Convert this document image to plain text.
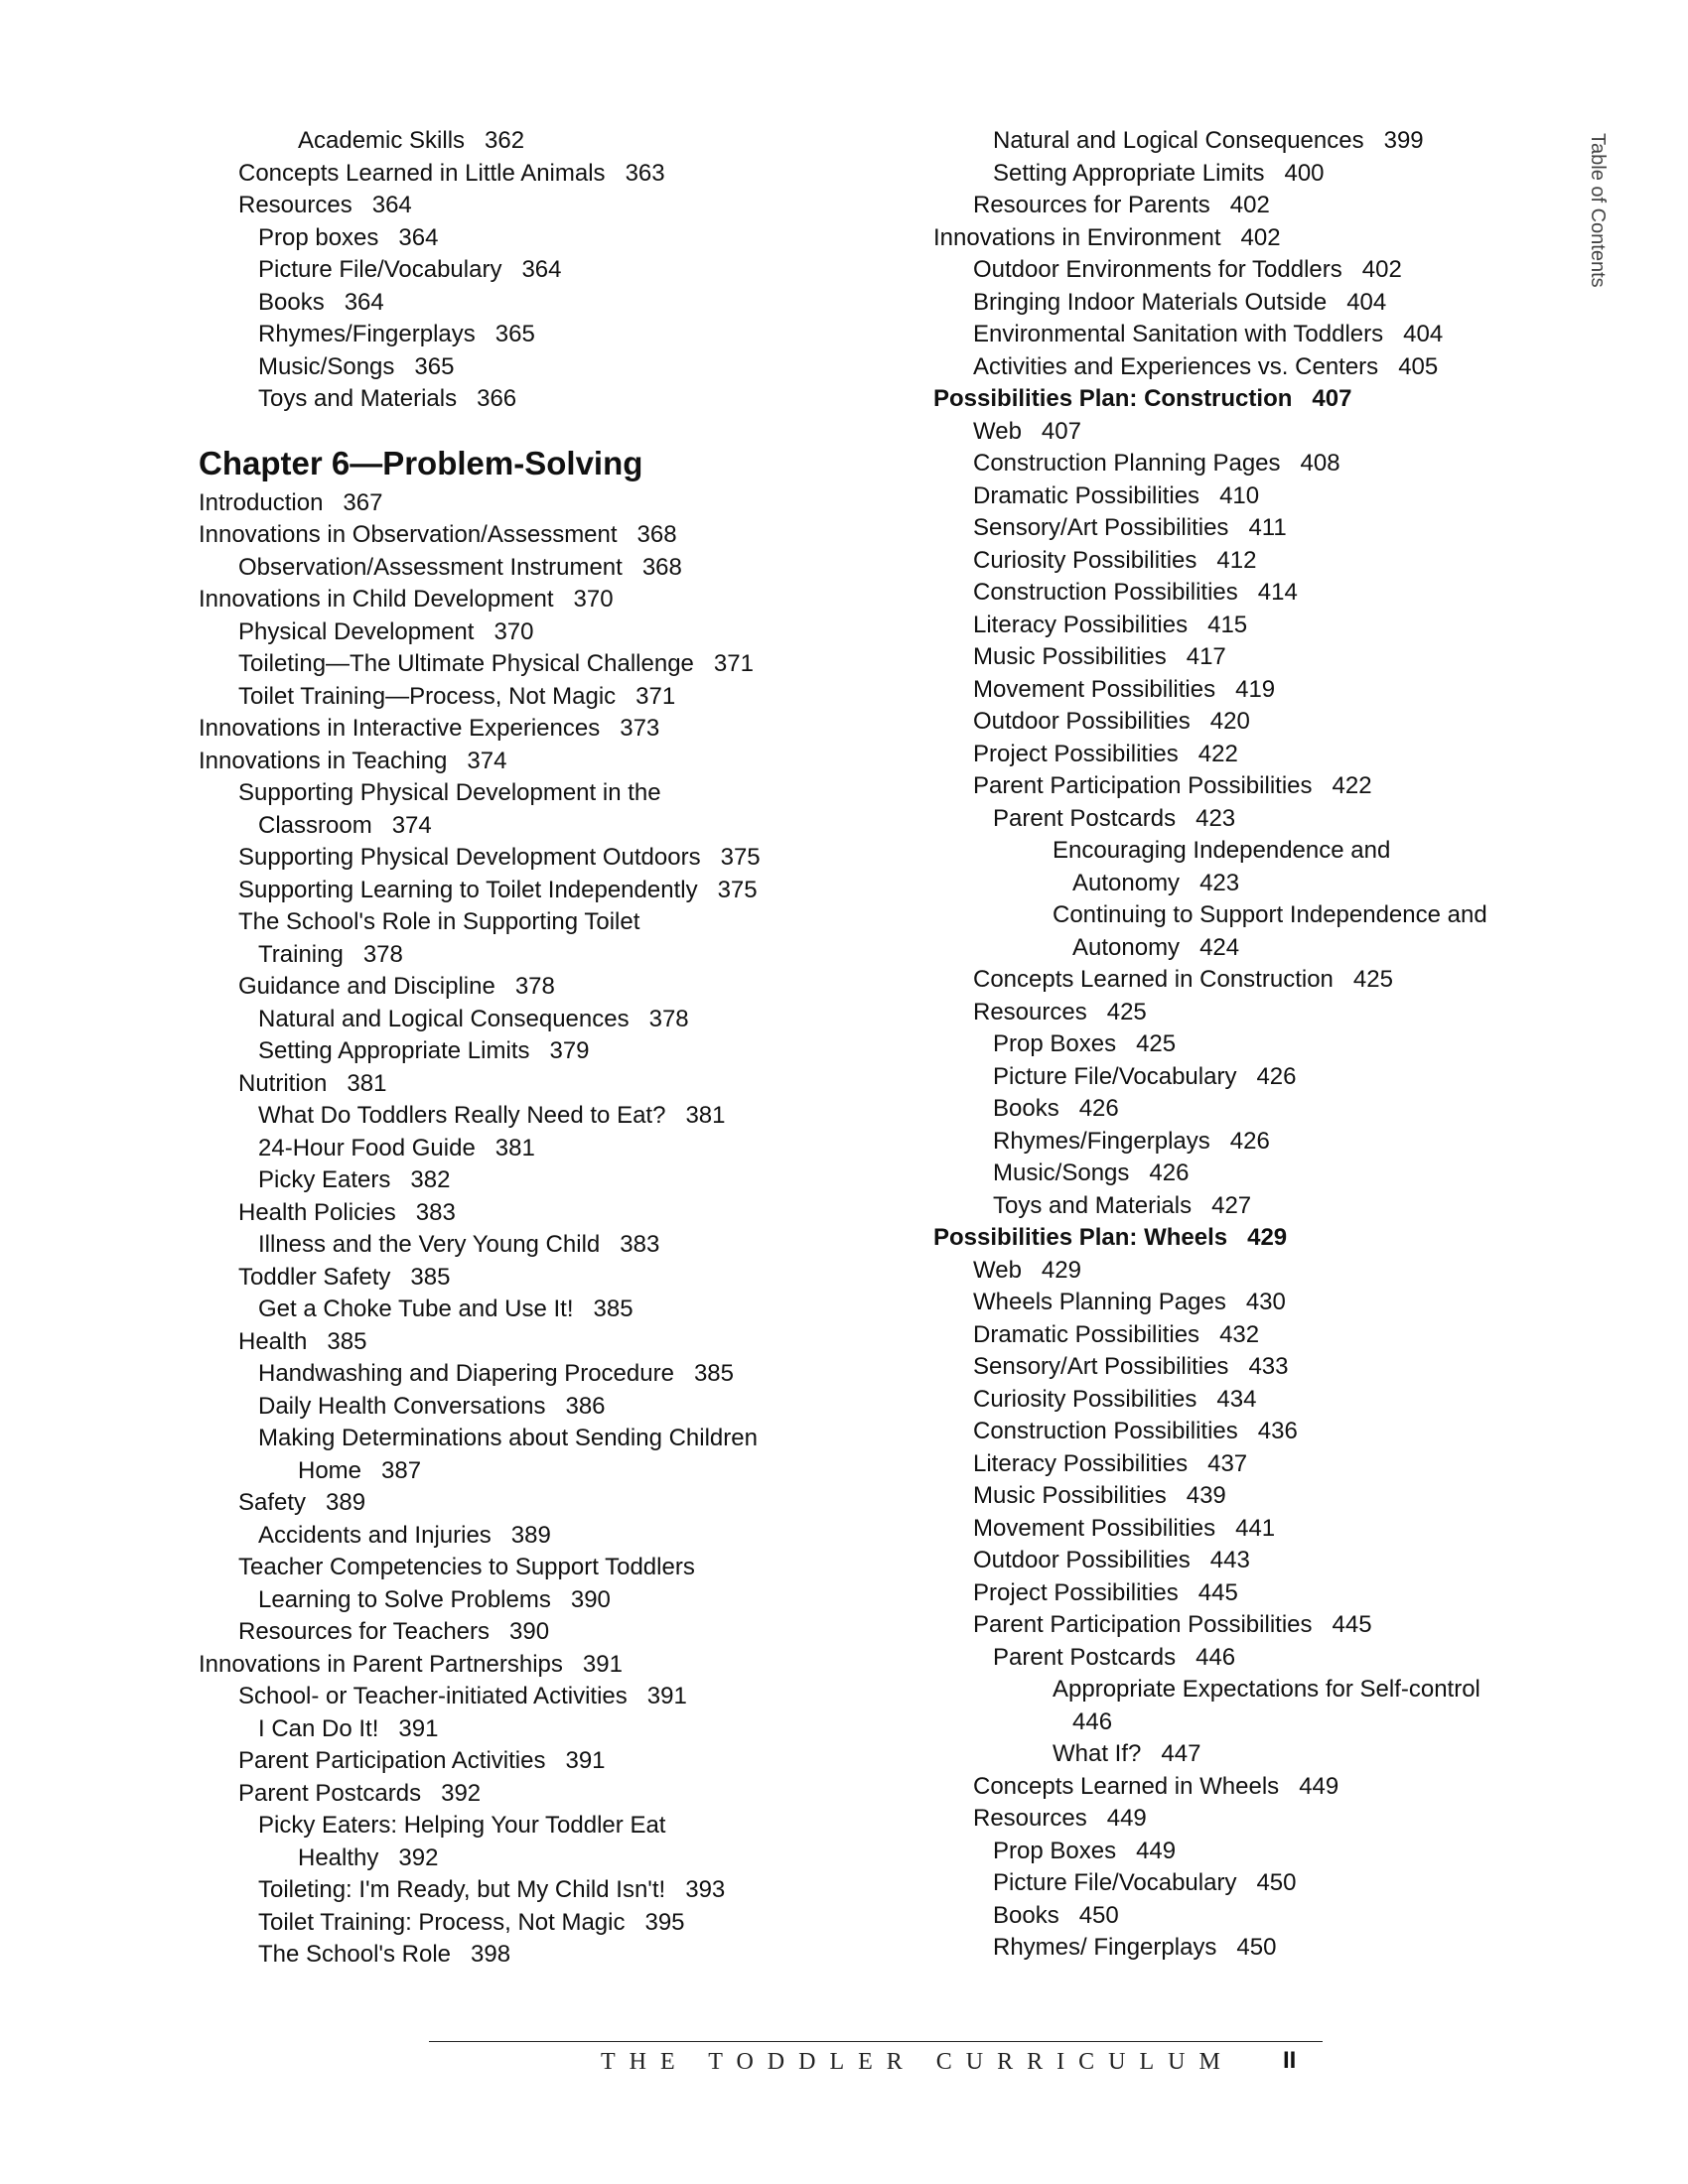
Table of Contents
Academic Skills 362
Concepts Learned in Little Animals 363
Resources 364
Prop boxes 364
Picture File/Vocabulary 364
Books 364
Rhymes/Fingerplays 365
Music/Songs 365
Toys and Materials 366
Chapter 6—Problem-Solving
Introduction 367
Innovations in Observation/Assessment 368
Observation/Assessment Instrument 368
Innovations in Child Development 370
Physical Development 370
Toileting—The Ultimate Physical Challenge 371
Toilet Training—Process, Not Magic 371
Innovations in Interactive Experiences 373
Innovations in Teaching 374
Supporting Physical Development in the
Classroom 374
Supporting Physical Development Outdoors 375
Supporting Learning to Toilet Independently 375
The School's Role in Supporting Toilet
Training 378
Guidance and Discipline 378
Natural and Logical Consequences 378
Setting Appropriate Limits 379
Nutrition 381
What Do Toddlers Really Need to Eat? 381
24-Hour Food Guide 381
Picky Eaters 382
Health Policies 383
Illness and the Very Young Child 383
Toddler Safety 385
Get a Choke Tube and Use It! 385
Health 385
Handwashing and Diapering Procedure 385
Daily Health Conversations 386
Making Determinations about Sending Children
Home 387
Safety 389
Accidents and Injuries 389
Teacher Competencies to Support Toddlers
Learning to Solve Problems 390
Resources for Teachers 390
Innovations in Parent Partnerships 391
School- or Teacher-initiated Activities 391
I Can Do It! 391
Parent Participation Activities 391
Parent Postcards 392
Picky Eaters: Helping Your Toddler Eat
Healthy 392
Toileting: I'm Ready, but My Child Isn't! 393
Toilet Training: Process, Not Magic 395
The School's Role 398
Natural and Logical Consequences 399
Setting Appropriate Limits 400
Resources for Parents 402
Innovations in Environment 402
Outdoor Environments for Toddlers 402
Bringing Indoor Materials Outside 404
Environmental Sanitation with Toddlers 404
Activities and Experiences vs. Centers 405
Possibilities Plan: Construction 407
Web 407
Construction Planning Pages 408
Dramatic Possibilities 410
Sensory/Art Possibilities 411
Curiosity Possibilities 412
Construction Possibilities 414
Literacy Possibilities 415
Music Possibilities 417
Movement Possibilities 419
Outdoor Possibilities 420
Project Possibilities 422
Parent Participation Possibilities 422
Parent Postcards 423
Encouraging Independence and
Autonomy 423
Continuing to Support Independence and
Autonomy 424
Concepts Learned in Construction 425
Resources 425
Prop Boxes 425
Picture File/Vocabulary 426
Books 426
Rhymes/Fingerplays 426
Music/Songs 426
Toys and Materials 427
Possibilities Plan: Wheels 429
Web 429
Wheels Planning Pages 430
Dramatic Possibilities 432
Sensory/Art Possibilities 433
Curiosity Possibilities 434
Construction Possibilities 436
Literacy Possibilities 437
Music Possibilities 439
Movement Possibilities 441
Outdoor Possibilities 443
Project Possibilities 445
Parent Participation Possibilities 445
Parent Postcards 446
Appropriate Expectations for Self-control
446
What If? 447
Concepts Learned in Wheels 449
Resources 449
Prop Boxes 449
Picture File/Vocabulary 450
Books 450
Rhymes/ Fingerplays 450
THE TODDLER CURRICULUM II
